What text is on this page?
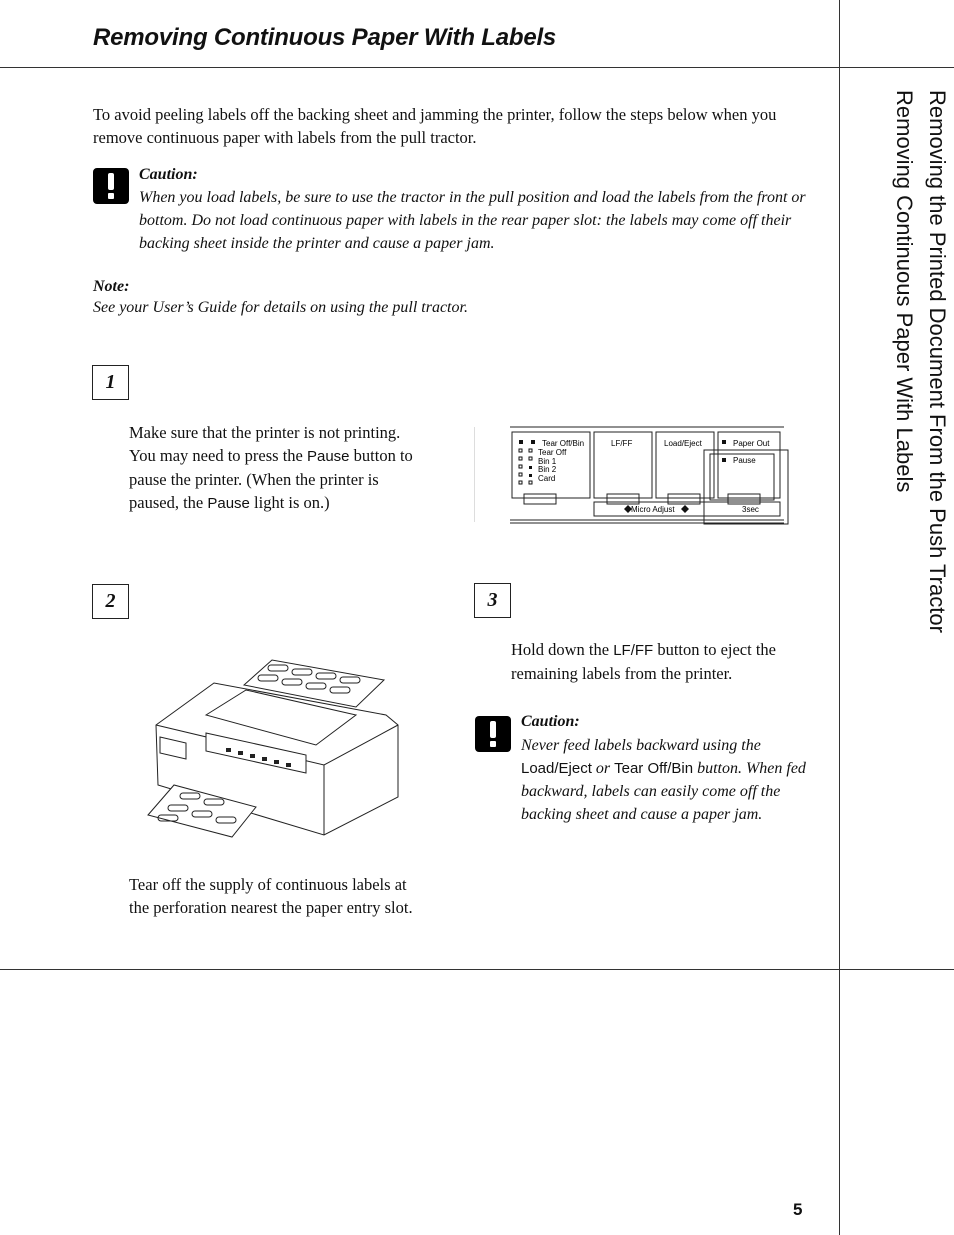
Removing Continuous Paper With Labels
Removing the Printed Document From the Push Tractor
Removing Continuous Paper With Labels
To avoid peeling labels off the backing sheet and jamming the printer, follow the steps below when you remove continuous paper with labels from the pull tractor.
Caution:
When you load labels, be sure to use the tractor in the pull position and load the labels from the front or bottom. Do not load continuous paper with labels in the rear paper slot: the labels may come off their backing sheet inside the printer and cause a paper jam.
Note:
See your User’s Guide for details on using the pull tractor.
1
Make sure that the printer is not printing. You may need to press the Pause button to pause the printer. (When the printer is paused, the Pause light is on.)
Tear Off/Bin
Tear Off
Bin 1
Bin 2
Card
LF/FF	Load/Eject	Paper Out
Pause
Micro Adjust	3sec
2
Tear off the supply of continuous labels at the perforation nearest the paper entry slot.
3
Hold down the LF/FF button to eject the remaining labels from the printer.
Caution:
Never feed labels backward using the Load/Eject or Tear Off/Bin button. When fed backward, labels can easily come off the backing sheet and cause a paper jam.
5
